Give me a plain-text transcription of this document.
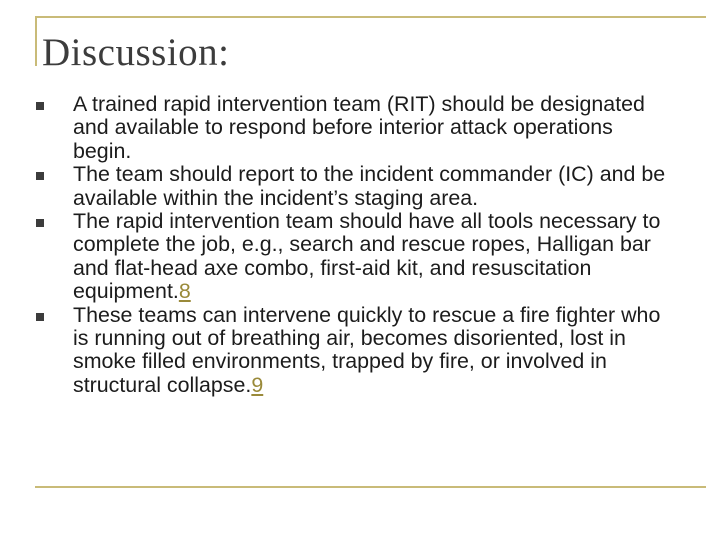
Discussion:
A trained rapid intervention team (RIT) should be designated and available to respond before interior attack operations begin.
The team should report to the incident commander (IC) and be available within the incident’s staging area.
The rapid intervention team should have all tools necessary to complete the job, e.g., search and rescue ropes, Halligan bar and flat-head axe combo, first-aid kit, and resuscitation equipment.8
These teams can intervene quickly to rescue a fire fighter who is running out of breathing air, becomes disoriented, lost in smoke filled environments, trapped by fire, or involved in structural collapse.9
